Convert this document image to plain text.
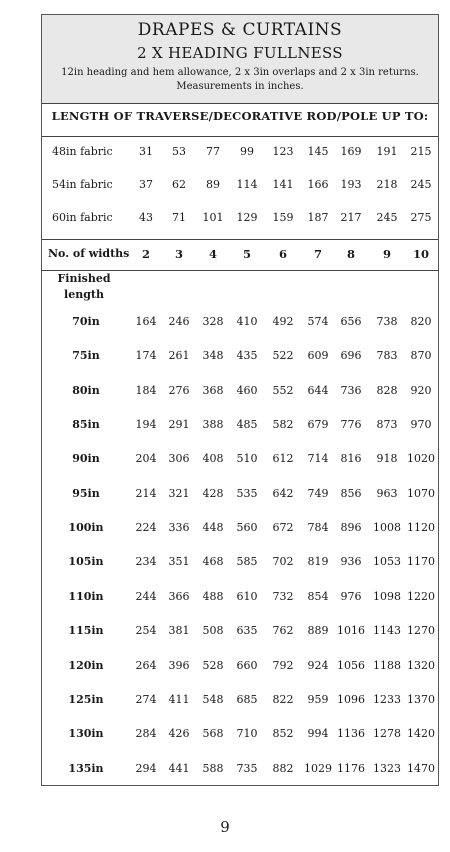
DRAPES & CURTAINS
2 X HEADING FULLNESS
12in heading and hem allowance, 2 x 3in overlaps and 2 x 3in returns.
Measurements in inches.
LENGTH OF TRAVERSE/DECORATIVE ROD/POLE UP TO:
48in fabric	31	53	77	99	123	145	169	191	215
54in fabric	37	62	89	114	141	166	193	218	245
60in fabric	43	71	101	129	159	187	217	245	275
No. of widths	2	3	4	5	6	7	8	9	10
Finished
length
70in	164	246	328	410	492	574	656	738	820
75in	174	261	348	435	522	609	696	783	870
80in	184	276	368	460	552	644	736	828	920
85in	194	291	388	485	582	679	776	873	970
90in	204	306	408	510	612	714	816	918 1020
95in	214	321	428	535	642	749	856	963 1070
100in	224	336	448	560	672	784	896	1008 1120
105in	234	351	468	585	702	819	936	1053 1170
110in	244	366	488	610	732	854	976	1098 1220
115in	254	381	508	635	762	889 1016 1143 1270
120in	264	396	528	660	792	924 1056 1188 1320
125in	274	411	548	685	822	959 1096 1233 1370
130in	284	426	568	710	852	994 1136 1278 1420
135in	294	441	588	735	882 1029 1176 1323 1470
9
